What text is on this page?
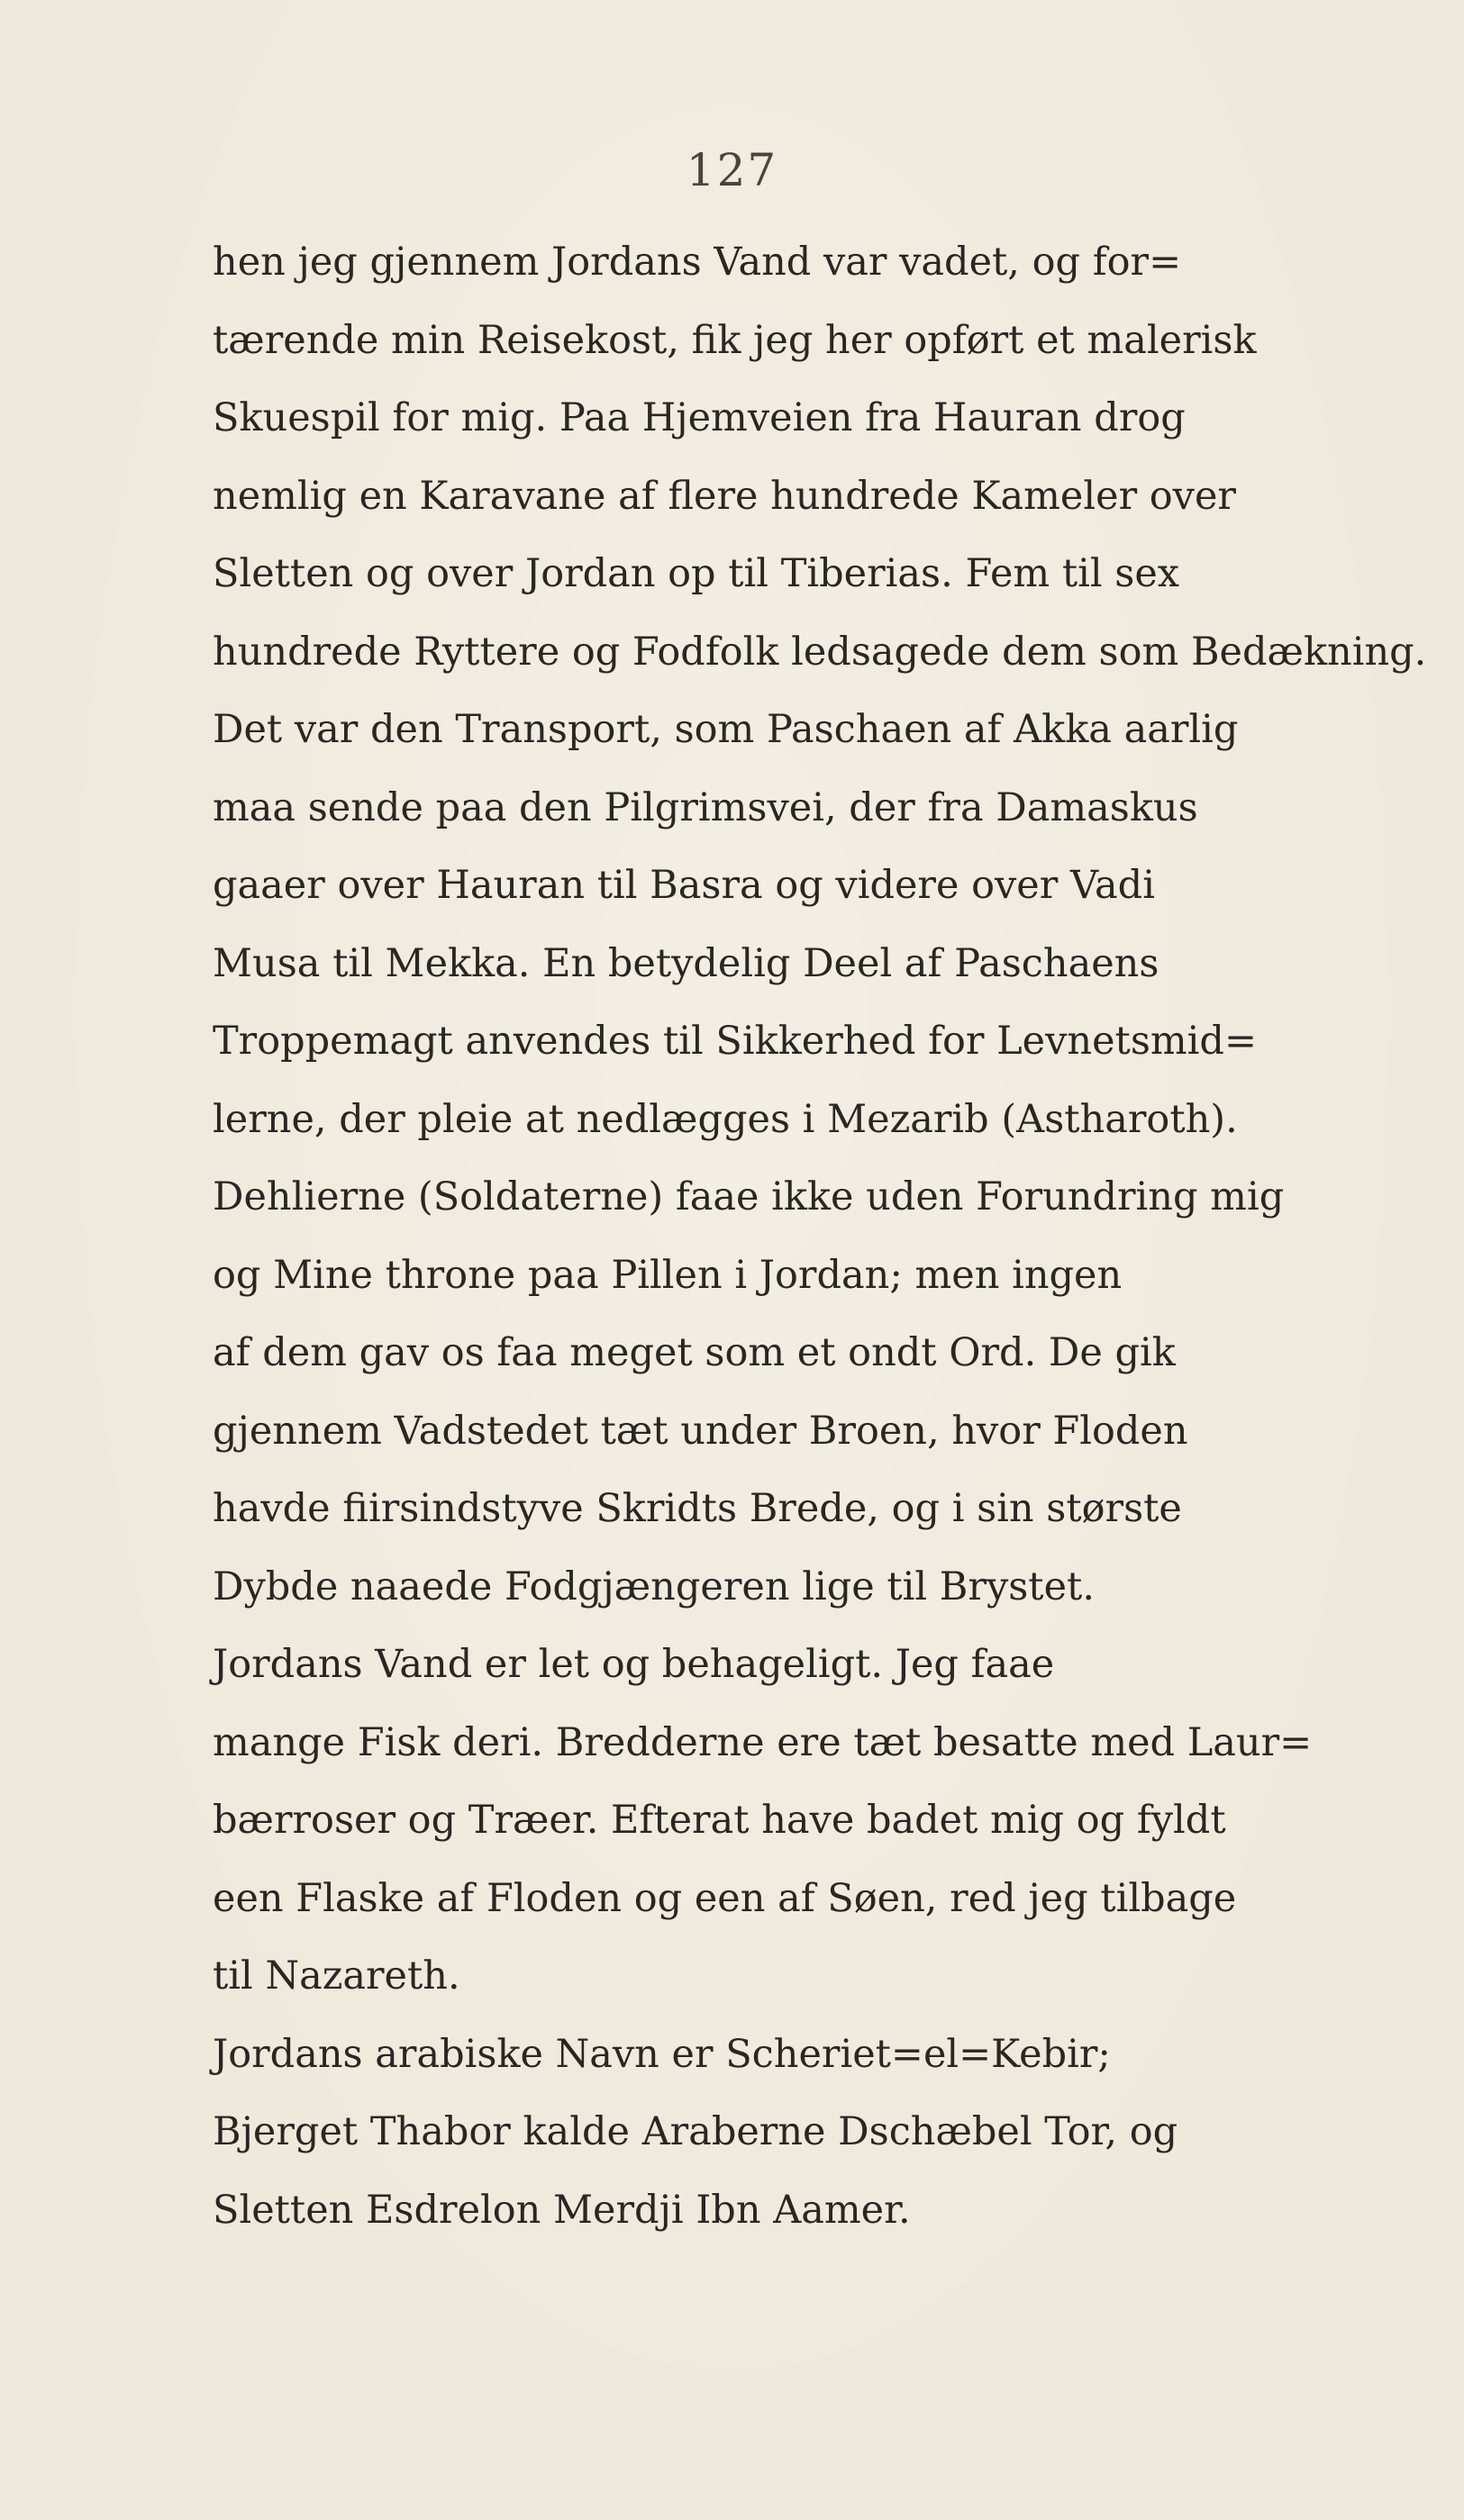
127
hen jeg gjennem Jordans Vand var vadet, og for=
tærende min Reisekost, fik jeg her opført et malerisk
Skuespil for mig. Paa Hjemveien fra Hauran drog
nemlig en Karavane af flere hundrede Kameler over
Sletten og over Jordan op til Tiberias. Fem til sex
hundrede Ryttere og Fodfolk ledsagede dem som Bedækning.
Det var den Transport, som Paschaen af Akka aarlig
maa sende paa den Pilgrimsvei, der fra Damaskus
gaaer over Hauran til Basra og videre over Vadi
Musa til Mekka. En betydelig Deel af Paschaens
Troppemagt anvendes til Sikkerhed for Levnetsmid=
lerne, der pleie at nedlægges i Mezarib (Astharoth).
Dehlierne (Soldaterne) faae ikke uden Forundring mig
og Mine throne paa Pillen i Jordan; men ingen
af dem gav os faa meget som et ondt Ord. De gik
gjennem Vadstedet tæt under Broen, hvor Floden
havde fiirsindstyve Skridts Brede, og i sin største
Dybde naaede Fodgjængeren lige til Brystet.
Jordans Vand er let og behageligt. Jeg faae
mange Fisk deri. Bredderne ere tæt besatte med Laur=
bærroser og Træer. Efterat have badet mig og fyldt
een Flaske af Floden og een af Søen, red jeg tilbage
til Nazareth.
Jordans arabiske Navn er Scheriet=el=Kebir;
Bjerget Thabor kalde Araberne Dschæbel Tor, og
Sletten Esdrelon Merdji Ibn Aamer.
